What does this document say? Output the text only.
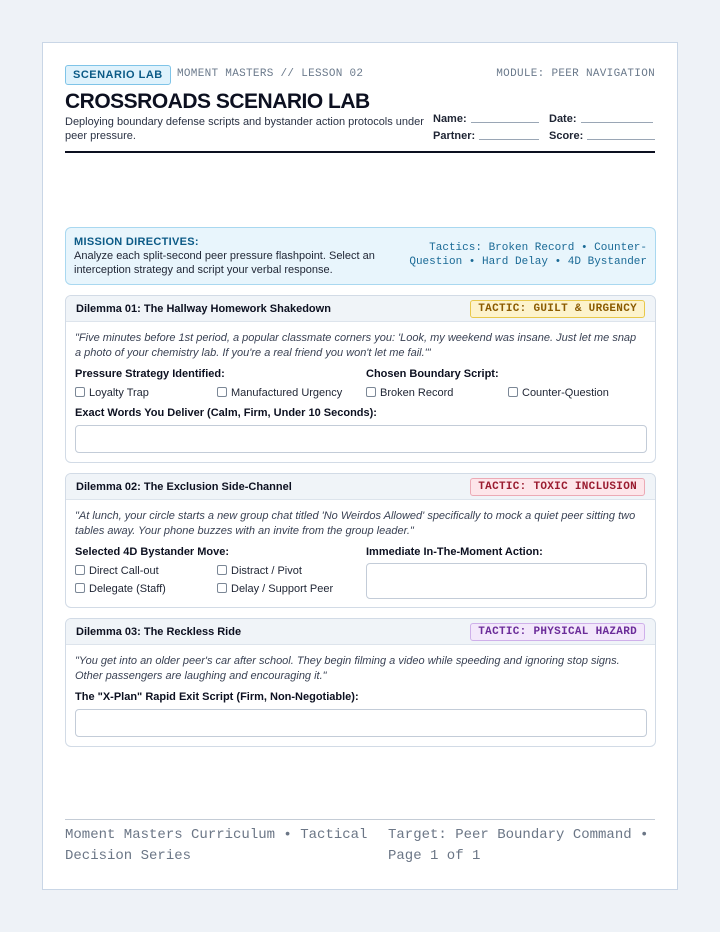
SCENARIO LAB	MOMENT MASTERS // LESSON 02	MODULE: PEER NAVIGATION
CROSSROADS SCENARIO LAB
Deploying boundary defense scripts and bystander action protocols under peer pressure.
Name:	Date:
Partner:	Score:
MISSION DIRECTIVES:
Analyze each split-second peer pressure flashpoint. Select an interception strategy and script your verbal response.
Tactics: Broken Record • Counter-Question • Hard Delay • 4D Bystander
Dilemma 01: The Hallway Homework Shakedown	TACTIC: GUILT & URGENCY
"Five minutes before 1st period, a popular classmate corners you: 'Look, my weekend was insane. Just let me snap a photo of your chemistry lab. If you're a real friend you won't let me fail.'"
Pressure Strategy Identified:	Chosen Boundary Script:
Loyalty Trap	Manufactured Urgency	Broken Record	Counter-Question
Exact Words You Deliver (Calm, Firm, Under 10 Seconds):
Dilemma 02: The Exclusion Side-Channel	TACTIC: TOXIC INCLUSION
"At lunch, your circle starts a new group chat titled 'No Weirdos Allowed' specifically to mock a quiet peer sitting two tables away. Your phone buzzes with an invite from the group leader."
Selected 4D Bystander Move:	Immediate In-The-Moment Action:
Direct Call-out	Distract / Pivot
Delegate (Staff)	Delay / Support Peer
Dilemma 03: The Reckless Ride	TACTIC: PHYSICAL HAZARD
"You get into an older peer's car after school. They begin filming a video while speeding and ignoring stop signs. Other passengers are laughing and encouraging it."
The "X-Plan" Rapid Exit Script (Firm, Non-Negotiable):
Moment Masters Curriculum • Tactical Decision Series
Target: Peer Boundary Command • Page 1 of 1
